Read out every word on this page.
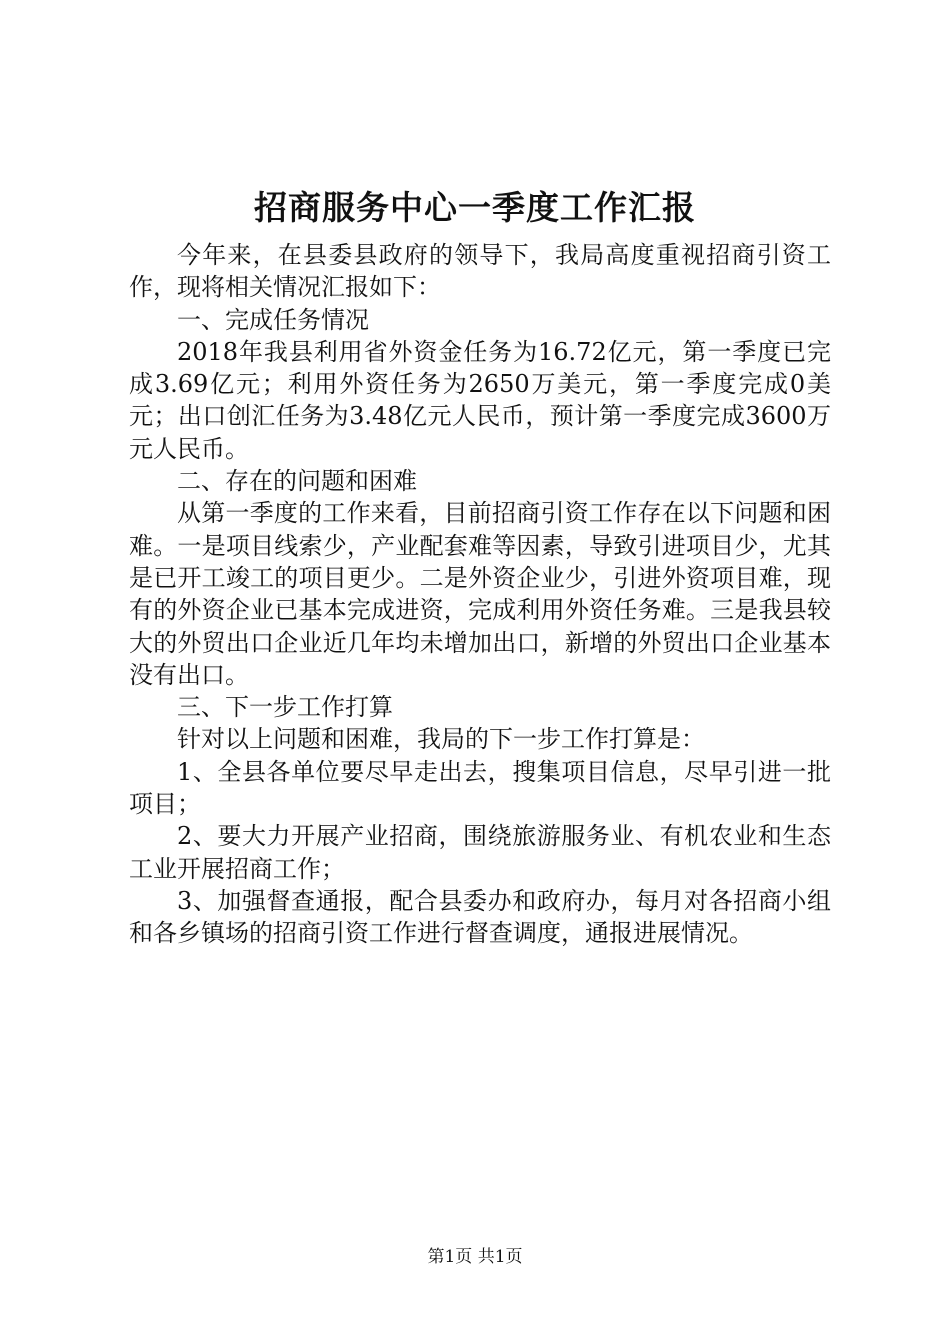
招商服务中心一季度工作汇报

今年来，在县委县政府的领导下，我局高度重视招商引资工作，现将相关情况汇报如下：

一、完成任务情况

2018年我县利用省外资金任务为16.72亿元，第一季度已完成3.69亿元；利用外资任务为2650万美元，第一季度完成0美元；出口创汇任务为3.48亿元人民币，预计第一季度完成3600万元人民币。

二、存在的问题和困难

从第一季度的工作来看，目前招商引资工作存在以下问题和困难。一是项目线索少，产业配套难等因素，导致引进项目少，尤其是已开工竣工的项目更少。二是外资企业少，引进外资项目难，现有的外资企业已基本完成进资，完成利用外资任务难。三是我县较大的外贸出口企业近几年均未增加出口，新增的外贸出口企业基本没有出口。

三、下一步工作打算

针对以上问题和困难，我局的下一步工作打算是：

1、全县各单位要尽早走出去，搜集项目信息，尽早引进一批项目；

2、要大力开展产业招商，围绕旅游服务业、有机农业和生态工业开展招商工作；

3、加强督查通报，配合县委办和政府办，每月对各招商小组和各乡镇场的招商引资工作进行督查调度，通报进展情况。

第1页 共1页
